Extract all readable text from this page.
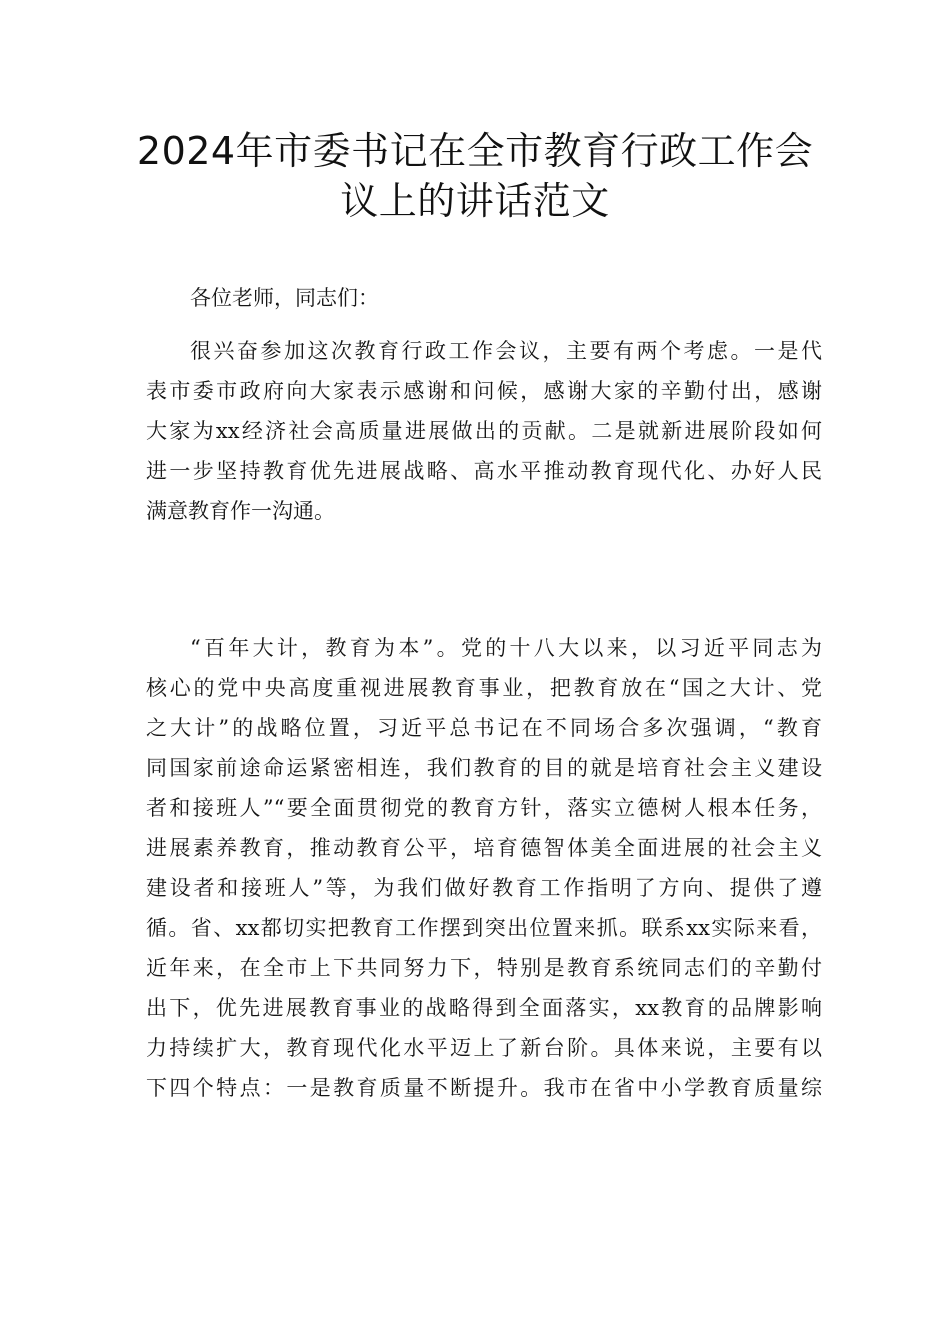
2024年市委书记在全市教育行政工作会
议上的讲话范文
各位老师，同志们：
很兴奋参加这次教育行政工作会议，主要有两个考虑。一是代
表市委市政府向大家表示感谢和问候，感谢大家的辛勤付出，感谢
大家为xx经济社会高质量进展做出的贡献。二是就新进展阶段如何
进一步坚持教育优先进展战略、高水平推动教育现代化、办好人民
满意教育作一沟通。
“百年大计，教育为本”。党的十八大以来，以习近平同志为
核心的党中央高度重视进展教育事业，把教育放在“国之大计、党
之大计”的战略位置，习近平总书记在不同场合多次强调，“教育
同国家前途命运紧密相连，我们教育的目的就是培育社会主义建设
者和接班人”“要全面贯彻党的教育方针，落实立德树人根本任务，
进展素养教育，推动教育公平，培育德智体美全面进展的社会主义
建设者和接班人”等，为我们做好教育工作指明了方向、提供了遵
循。省、xx都切实把教育工作摆到突出位置来抓。联系xx实际来看，
近年来，在全市上下共同努力下，特别是教育系统同志们的辛勤付
出下，优先进展教育事业的战略得到全面落实，xx教育的品牌影响
力持续扩大，教育现代化水平迈上了新台阶。具体来说，主要有以
下四个特点：一是教育质量不断提升。我市在省中小学教育质量综
